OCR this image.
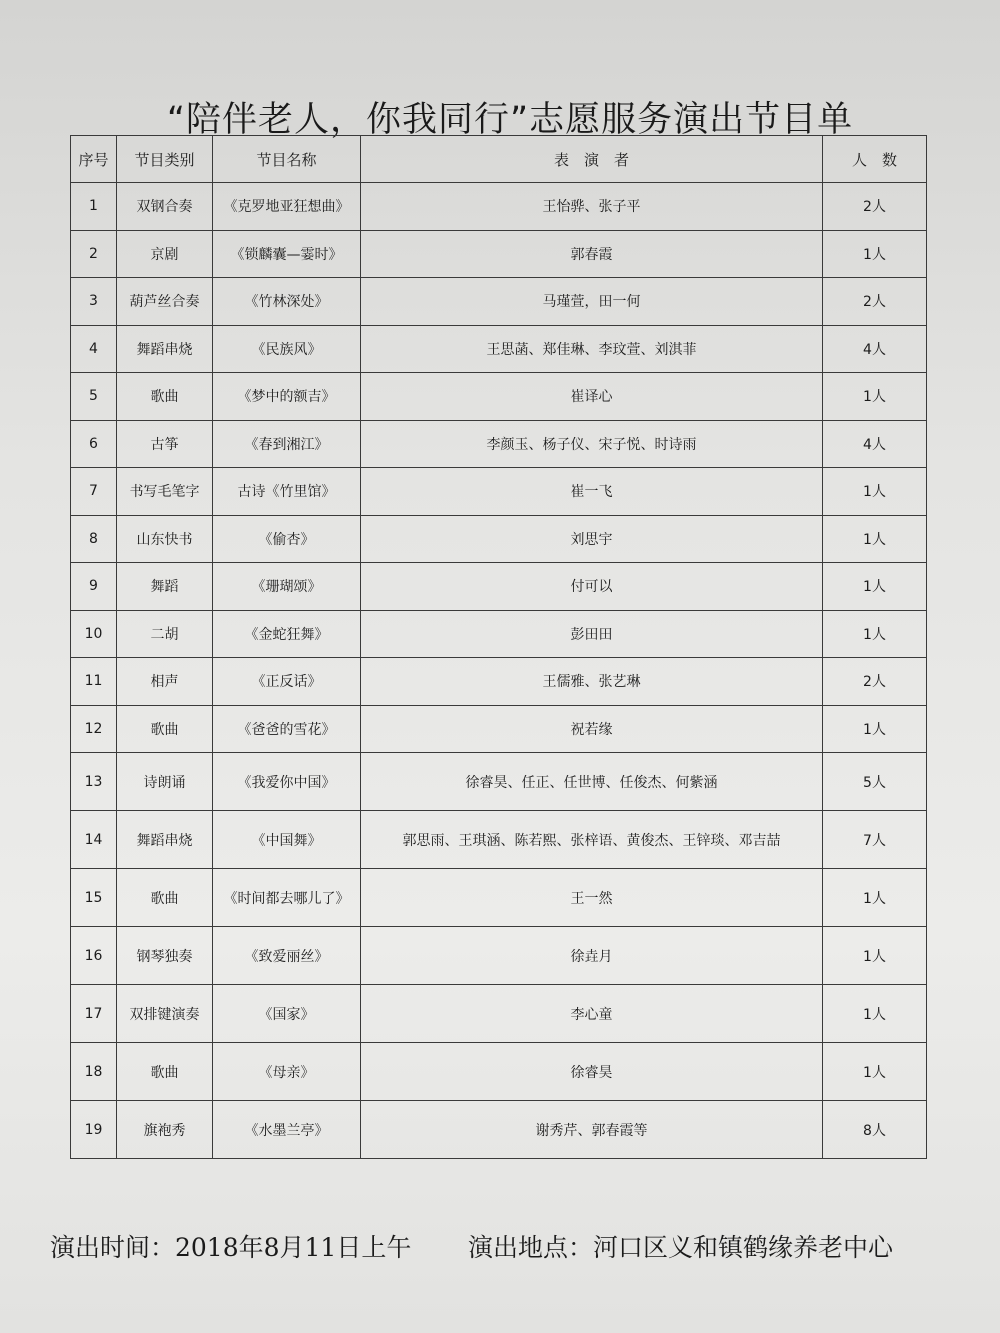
“陪伴老人，你我同行”志愿服务演出节目单
序号	节目类别	节目名称	表　演　者	人　数
1	双钢合奏	《克罗地亚狂想曲》	王怡骅、张子平	2人
2	京剧	《锁麟囊—霎时》	郭春霞	1人
3	葫芦丝合奏	《竹林深处》	马瑾萱，田一何	2人
4	舞蹈串烧	《民族风》	王思菡、郑佳琳、李玟萱、刘淇菲	4人
5	歌曲	《梦中的额吉》	崔译心	1人
6	古筝	《春到湘江》	李颜玉、杨子仪、宋子悦、时诗雨	4人
7	书写毛笔字	古诗《竹里馆》	崔一飞	1人
8	山东快书	《偷杏》	刘思宇	1人
9	舞蹈	《珊瑚颂》	付可以	1人
10	二胡	《金蛇狂舞》	彭田田	1人
11	相声	《正反话》	王儒雅、张艺琳	2人
12	歌曲	《爸爸的雪花》	祝若缘	1人
13	诗朗诵	《我爱你中国》	徐睿昊、任正、任世博、任俊杰、何紫涵	5人
14	舞蹈串烧	《中国舞》	郭思雨、王琪涵、陈若熙、张梓语、黄俊杰、王锌琰、邓吉喆	7人
15	歌曲	《时间都去哪儿了》	王一然	1人
16	钢琴独奏	《致爱丽丝》	徐垚月	1人
17	双排键演奏	《国家》	李心童	1人
18	歌曲	《母亲》	徐睿昊	1人
19	旗袍秀	《水墨兰亭》	谢秀芹、郭春霞等	8人
演出时间：2018年8月11日上午 演出地点：河口区义和镇鹤缘养老中心
